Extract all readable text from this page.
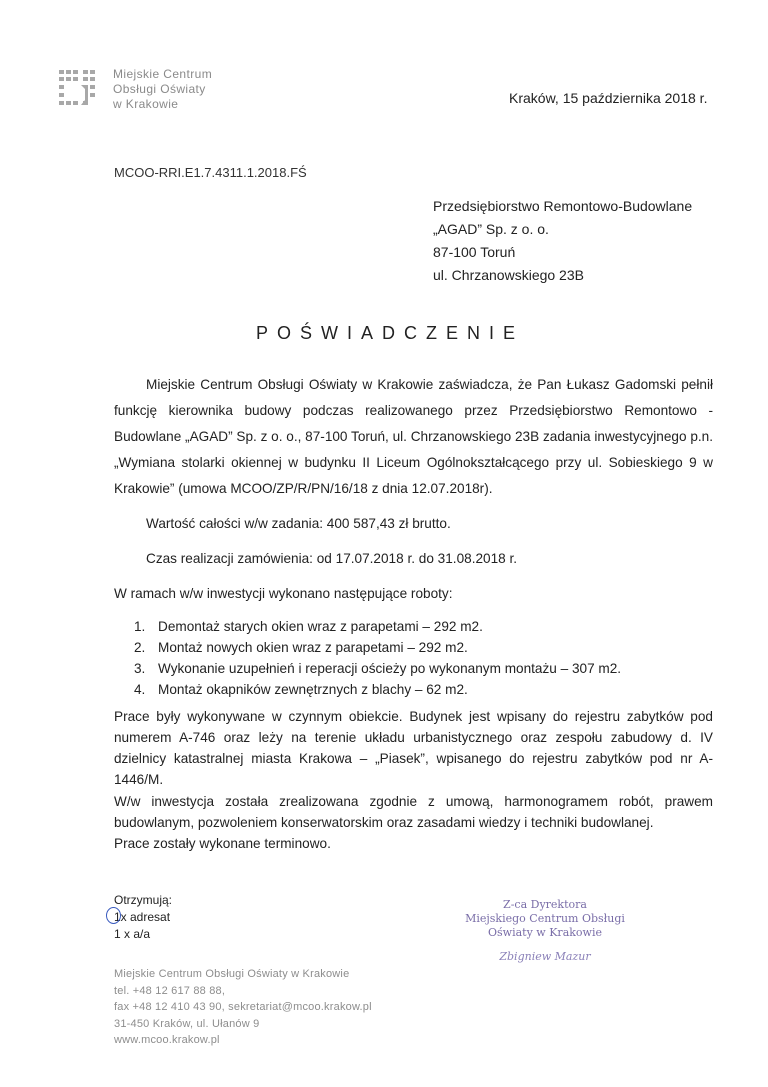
Miejskie Centrum
Obsługi Oświaty
w Krakowie	Kraków, 15 października 2018 r.
MCOO-RRI.E1.7.4311.1.2018.FŚ
Przedsiębiorstwo Remontowo-Budowlane
„AGAD” Sp. z o. o.
87-100 Toruń
ul. Chrzanowskiego 23B
POŚWIADCZENIE
Miejskie Centrum Obsługi Oświaty w Krakowie zaświadcza, że Pan Łukasz Gadomski pełnił funkcję kierownika budowy podczas realizowanego przez Przedsiębiorstwo Remontowo - Budowlane „AGAD” Sp. z o. o., 87-100 Toruń, ul. Chrzanowskiego 23B zadania inwestycyjnego p.n. „Wymiana stolarki okiennej w budynku II Liceum Ogólnokształcącego przy ul. Sobieskiego 9 w Krakowie” (umowa MCOO/ZP/R/PN/16/18 z dnia 12.07.2018r).
Wartość całości w/w zadania: 400 587,43 zł brutto.
Czas realizacji zamówienia: od 17.07.2018 r. do 31.08.2018 r.
W ramach w/w inwestycji wykonano następujące roboty:
1. Demontaż starych okien wraz z parapetami – 292 m2.
2. Montaż nowych okien wraz z parapetami – 292 m2.
3. Wykonanie uzupełnień i reperacji ościeży po wykonanym montażu – 307 m2.
4. Montaż okapników zewnętrznych z blachy – 62 m2.
Prace były wykonywane w czynnym obiekcie. Budynek jest wpisany do rejestru zabytków pod numerem A-746 oraz leży na terenie układu urbanistycznego oraz zespołu zabudowy d. IV dzielnicy katastralnej miasta Krakowa – „Piasek”, wpisanego do rejestru zabytków pod nr A-1446/M.
W/w inwestycja została zrealizowana zgodnie z umową, harmonogramem robót, prawem budowlanym, pozwoleniem konserwatorskim oraz zasadami wiedzy i techniki budowlanej.
Prace zostały wykonane terminowo.
Otrzymują:
1x adresat
1 x a/a
Z-ca Dyrektora
Miejskiego Centrum Obsługi
Oświaty w Krakowie
Zbigniew Mazur
Miejskie Centrum Obsługi Oświaty w Krakowie
tel. +48 12 617 88 88,
fax +48 12 410 43 90, sekretariat@mcoo.krakow.pl
31-450 Kraków, ul. Ułanów 9
www.mcoo.krakow.pl
